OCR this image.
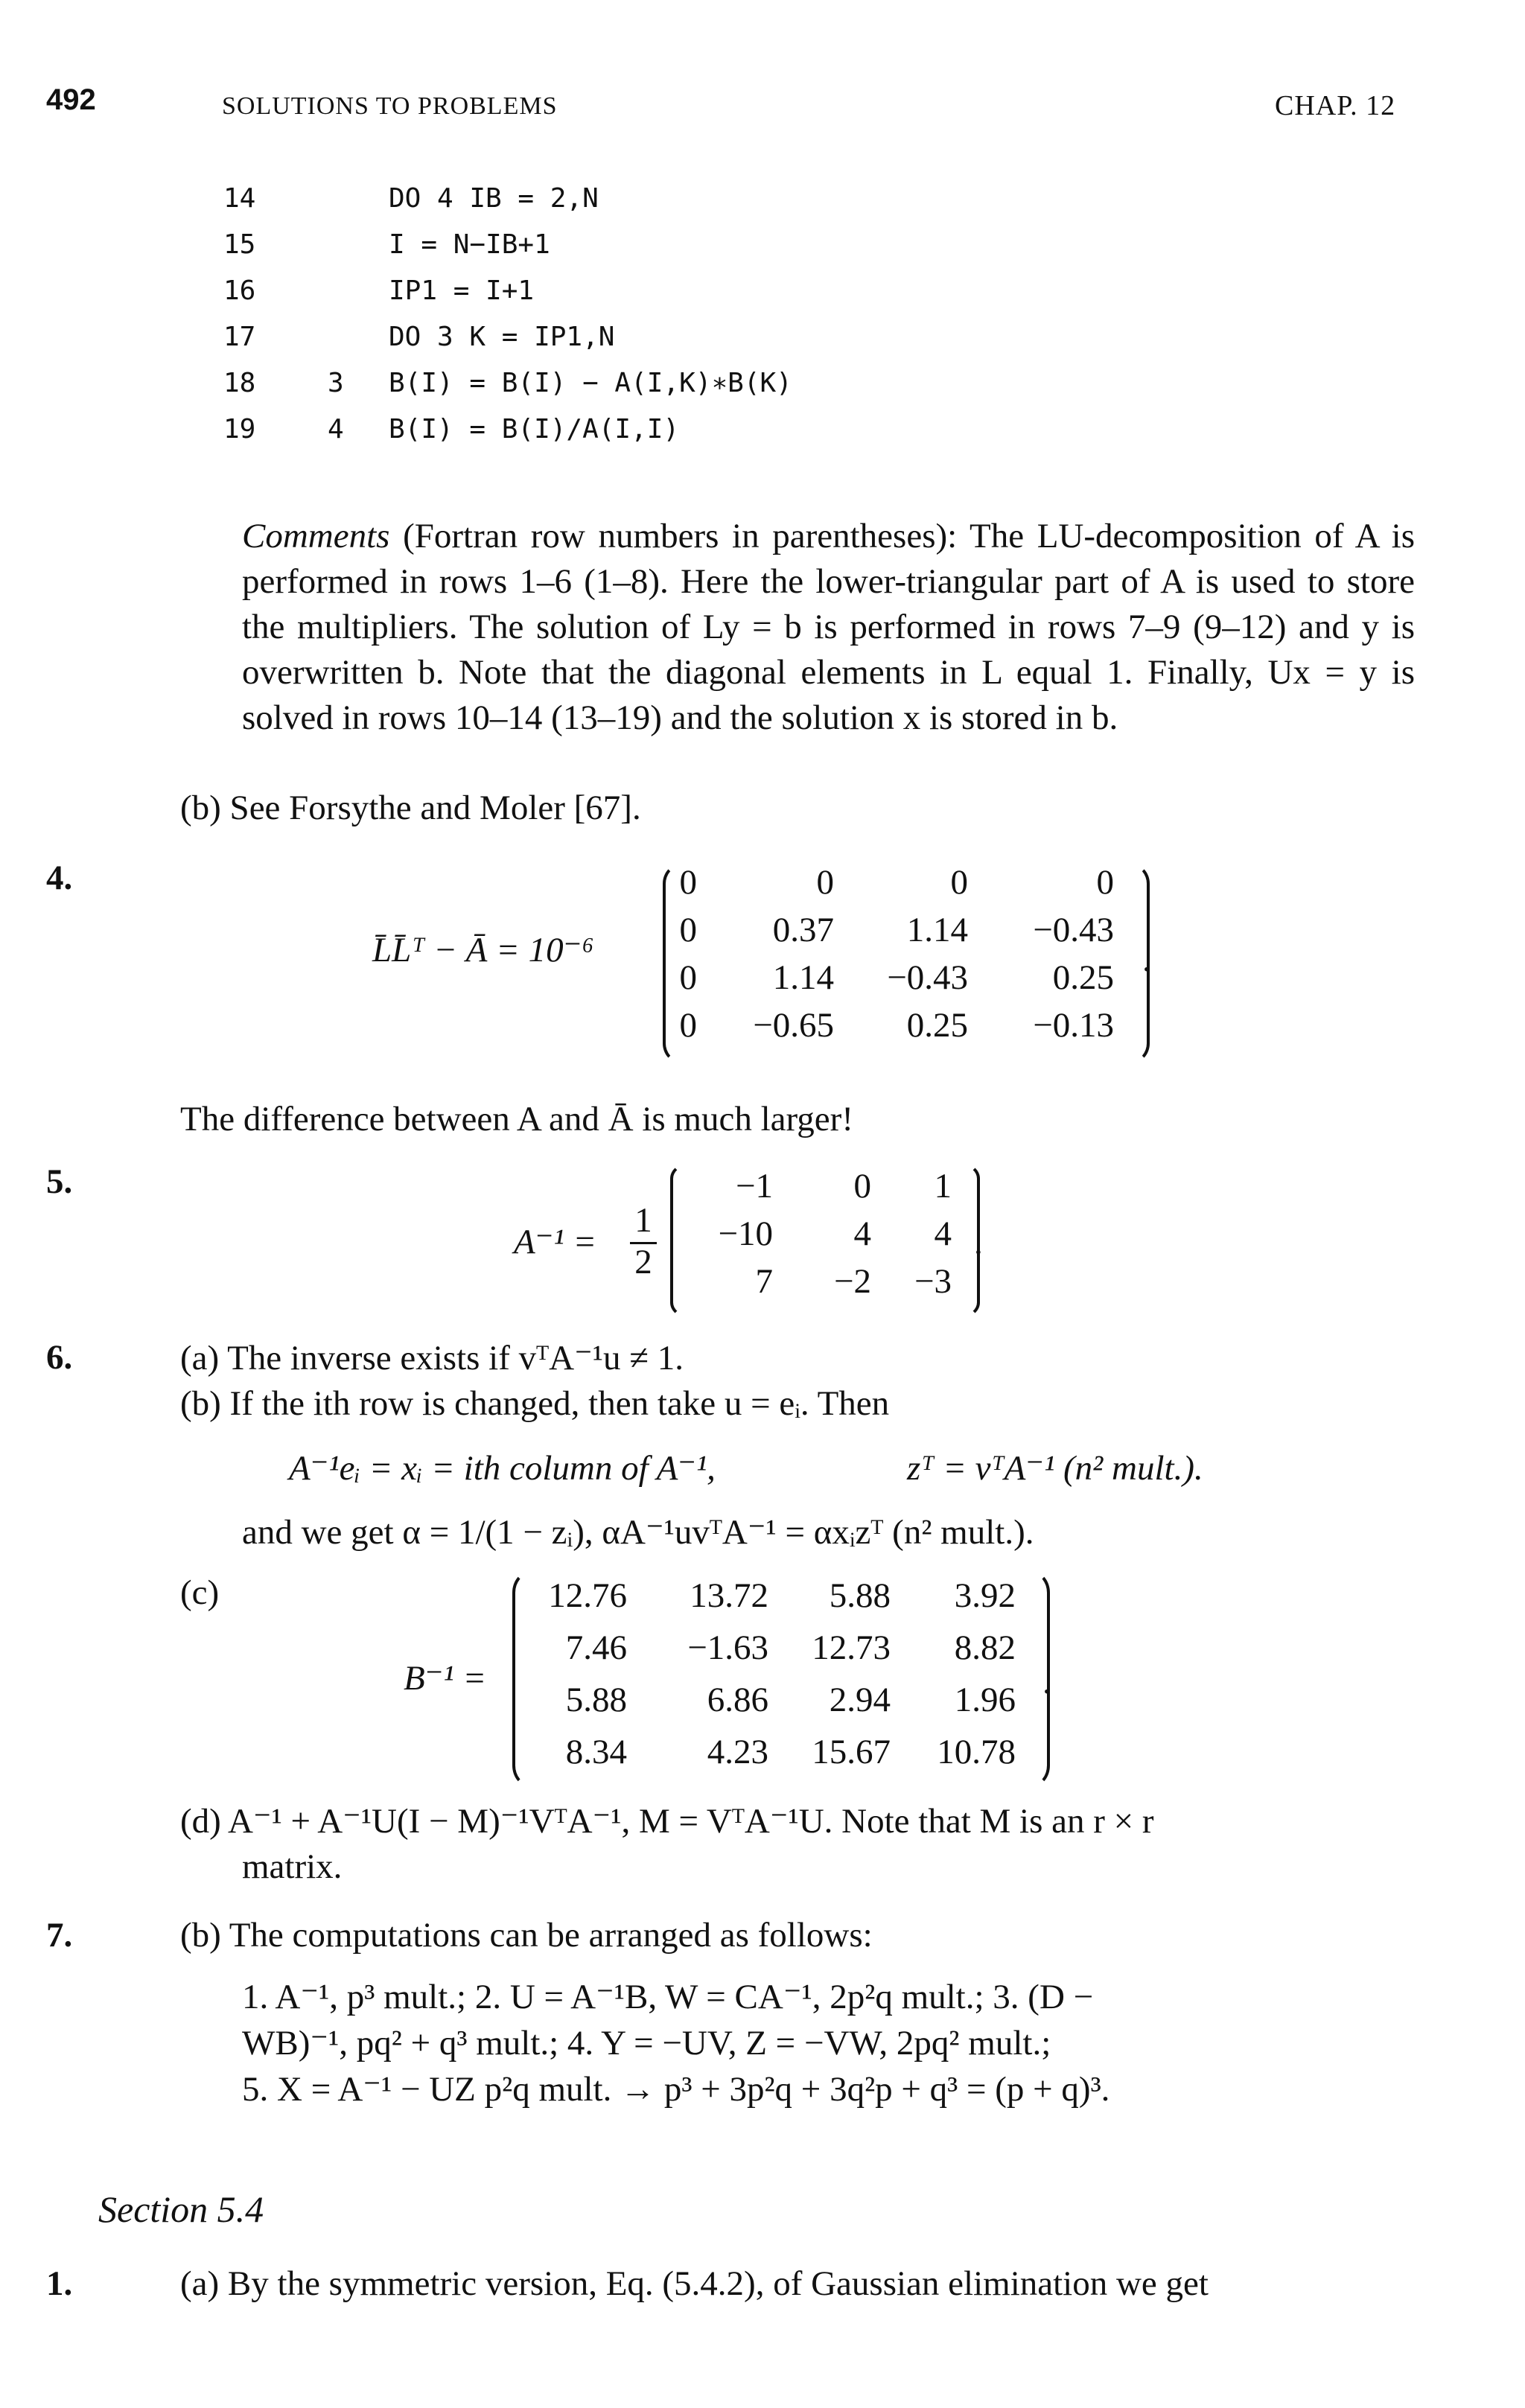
492	SOLUTIONS TO PROBLEMS	CHAP. 12
14	DO 4 IB = 2,N
15	I = N−IB+1
16	IP1 = I+1
17	DO 3 K = IP1,N
18	3 B(I) = B(I) − A(I,K)∗B(K)
19	4 B(I) = B(I)/A(I,I)
Comments (Fortran row numbers in parentheses): The LU-decomposition of A is performed in rows 1–6 (1–8). Here the lower-triangular part of A is used to store the multipliers. The solution of Ly = b is performed in rows 7–9 (9–12) and y is overwritten b. Note that the diagonal elements in L equal 1. Finally, Ux = y is solved in rows 10–14 (13–19) and the solution x is stored in b.
(b) See Forsythe and Moler [67].
4.
L̄L̄ᵀ − Ā = 10⁻⁶
0	0	0	0
0	0.37	1.14	−0.43
0	1.14	−0.43	0.25
0	−0.65	0.25	−0.13
.
The difference between A and Ā is much larger!
5.
A⁻¹ =
1
2
−1	0	1
−10	4	4
7	−2	−3
.
6.	(a) The inverse exists if vᵀA⁻¹u ≠ 1.
(b) If the ith row is changed, then take u = eᵢ. Then
A⁻¹eᵢ = xᵢ = ith column of A⁻¹,	zᵀ = vᵀA⁻¹ (n² mult.).
and we get α = 1/(1 − zᵢ), αA⁻¹uvᵀA⁻¹ = αxᵢzᵀ (n² mult.).
(c)
B⁻¹ =
12.76	13.72	5.88	3.92
7.46	−1.63	12.73	8.82
5.88	6.86	2.94	1.96
8.34	4.23	15.67	10.78
.
(d) A⁻¹ + A⁻¹U(I − M)⁻¹VᵀA⁻¹, M = VᵀA⁻¹U. Note that M is an r × r
matrix.
7.	(b) The computations can be arranged as follows:
1. A⁻¹, p³ mult.; 2. U = A⁻¹B, W = CA⁻¹, 2p²q mult.; 3. (D −
WB)⁻¹, pq² + q³ mult.; 4. Y = −UV, Z = −VW, 2pq² mult.;
5. X = A⁻¹ − UZ p²q mult. → p³ + 3p²q + 3q²p + q³ = (p + q)³.
Section 5.4
1.	(a) By the symmetric version, Eq. (5.4.2), of Gaussian elimination we get
